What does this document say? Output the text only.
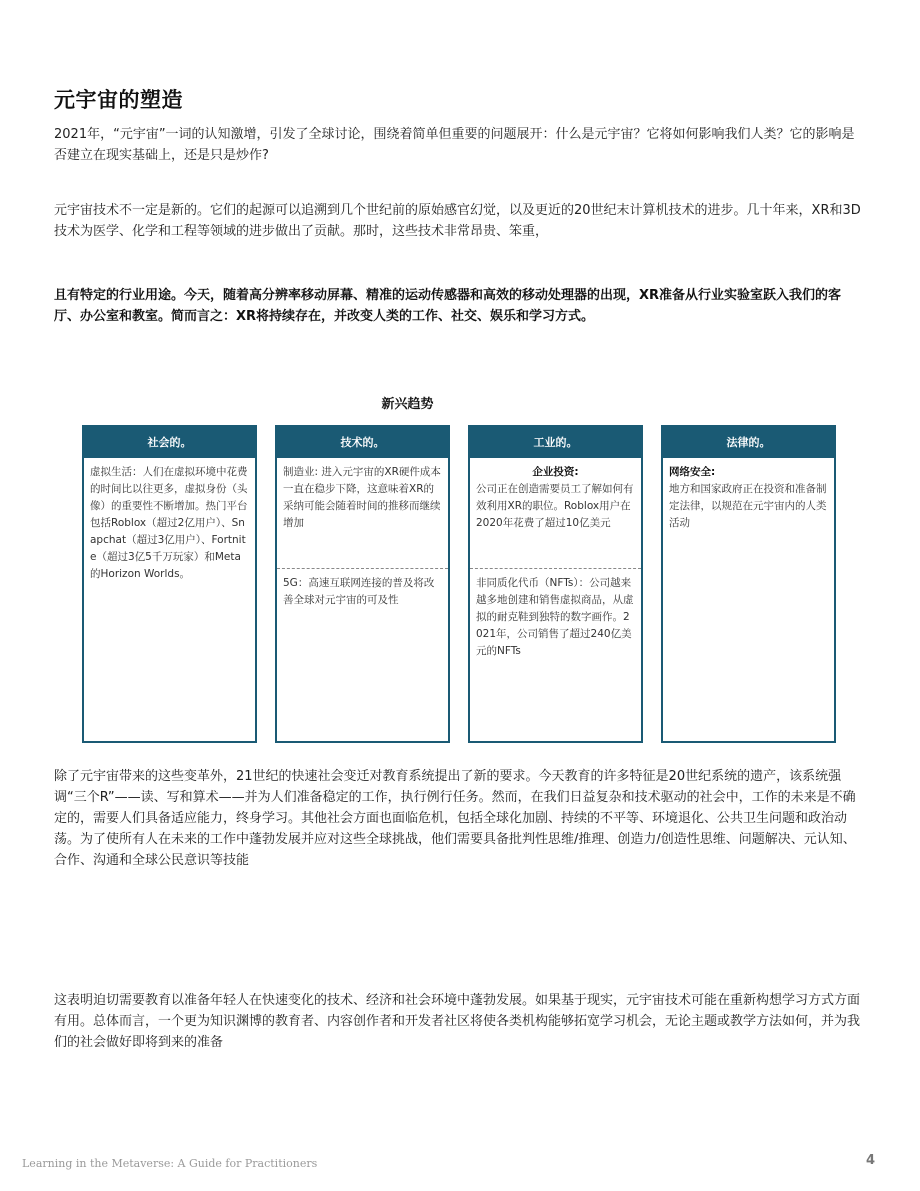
元宇宙的塑造
2021年，“元宇宙”一词的认知激增，引发了全球讨论，围绕着简单但重要的问题展开：什么是元宇宙？它将如何影响我们人类？它的影响是否建立在现实基础上，还是只是炒作?
元宇宙技术不一定是新的。它们的起源可以追溯到几个世纪前的原始感官幻觉，以及更近的20世纪末计算机技术的进步。几十年来，XR和3D技术为医学、化学和工程等领域的进步做出了贡献。那时，这些技术非常昂贵、笨重，
且有特定的行业用途。今天，随着高分辨率移动屏幕、精准的运动传感器和高效的移动处理器的出现，XR准备从行业实验室跃入我们的客厅、办公室和教室。简而言之：XR将持续存在，并改变人类的工作、社交、娱乐和学习方式。
新兴趋势
社会的。
虚拟生活：人们在虚拟环境中花费的时间比以往更多，虚拟身份（头像）的重要性不断增加。热门平台包括Roblox（超过2亿用户）、Snapchat（超过3亿用户）、Fortnite（超过3亿5千万玩家）和Meta的Horizon Worlds。
技术的。
制造业: 进入元宇宙的XR硬件成本一直在稳步下降，这意味着XR的采纳可能会随着时间的推移而继续增加
5G：高速互联网连接的普及将改善全球对元宇宙的可及性
工业的。
企业投资:
公司正在创造需要员工了解如何有效利用XR的职位。Roblox用户在2020年花费了超过10亿美元
非同质化代币（NFTs）：公司越来越多地创建和销售虚拟商品，从虚拟的耐克鞋到独特的数字画作。2021年，公司销售了超过240亿美元的NFTs
法律的。
网络安全:
地方和国家政府正在投资和准备制定法律，以规范在元宇宙内的人类活动
除了元宇宙带来的这些变革外，21世纪的快速社会变迁对教育系统提出了新的要求。今天教育的许多特征是20世纪系统的遗产，该系统强调“三个R”——读、写和算术——并为人们准备稳定的工作，执行例行任务。然而，在我们日益复杂和技术驱动的社会中，工作的未来是不确定的，需要人们具备适应能力，终身学习。其他社会方面也面临危机，包括全球化加剧、持续的不平等、环境退化、公共卫生问题和政治动荡。为了使所有人在未来的工作中蓬勃发展并应对这些全球挑战，他们需要具备批判性思维/推理、创造力/创造性思维、问题解决、元认知、合作、沟通和全球公民意识等技能
这表明迫切需要教育以准备年轻人在快速变化的技术、经济和社会环境中蓬勃发展。如果基于现实，元宇宙技术可能在重新构想学习方式方面有用。总体而言，一个更为知识渊博的教育者、内容创作者和开发者社区将使各类机构能够拓宽学习机会，无论主题或教学方法如何，并为我们的社会做好即将到来的准备
Learning in the Metaverse: A Guide for Practitioners	4
